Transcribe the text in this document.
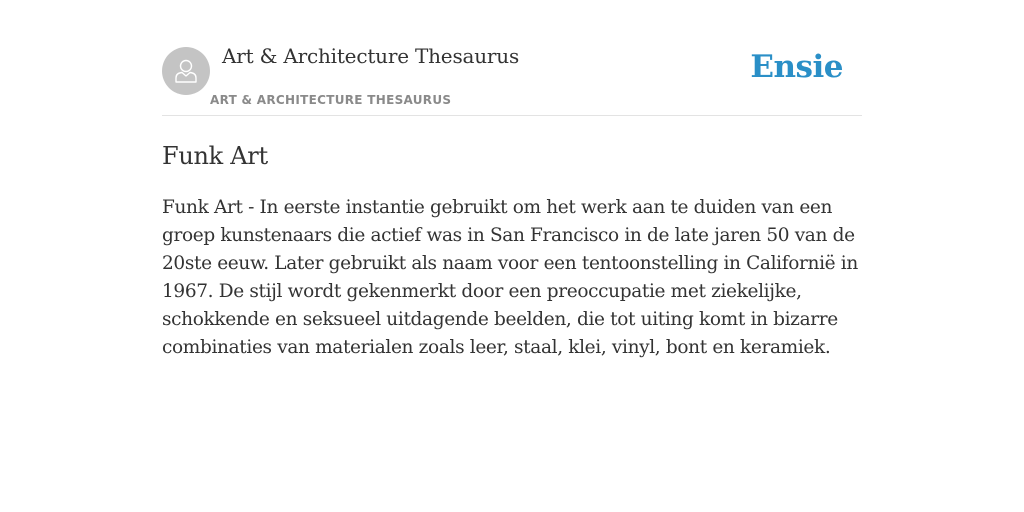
Art & Architecture Thesaurus
ART & ARCHITECTURE THESAURUS
Ensie
Funk Art

Funk Art - In eerste instantie gebruikt om het werk aan te duiden van een groep kunstenaars die actief was in San Francisco in de late jaren 50 van de 20ste eeuw. Later gebruikt als naam voor een tentoonstelling in Californië in 1967. De stijl wordt gekenmerkt door een preoccupatie met ziekelijke, schokkende en seksueel uitdagende beelden, die tot uiting komt in bizarre combinaties van materialen zoals leer, staal, klei, vinyl, bont en keramiek.
